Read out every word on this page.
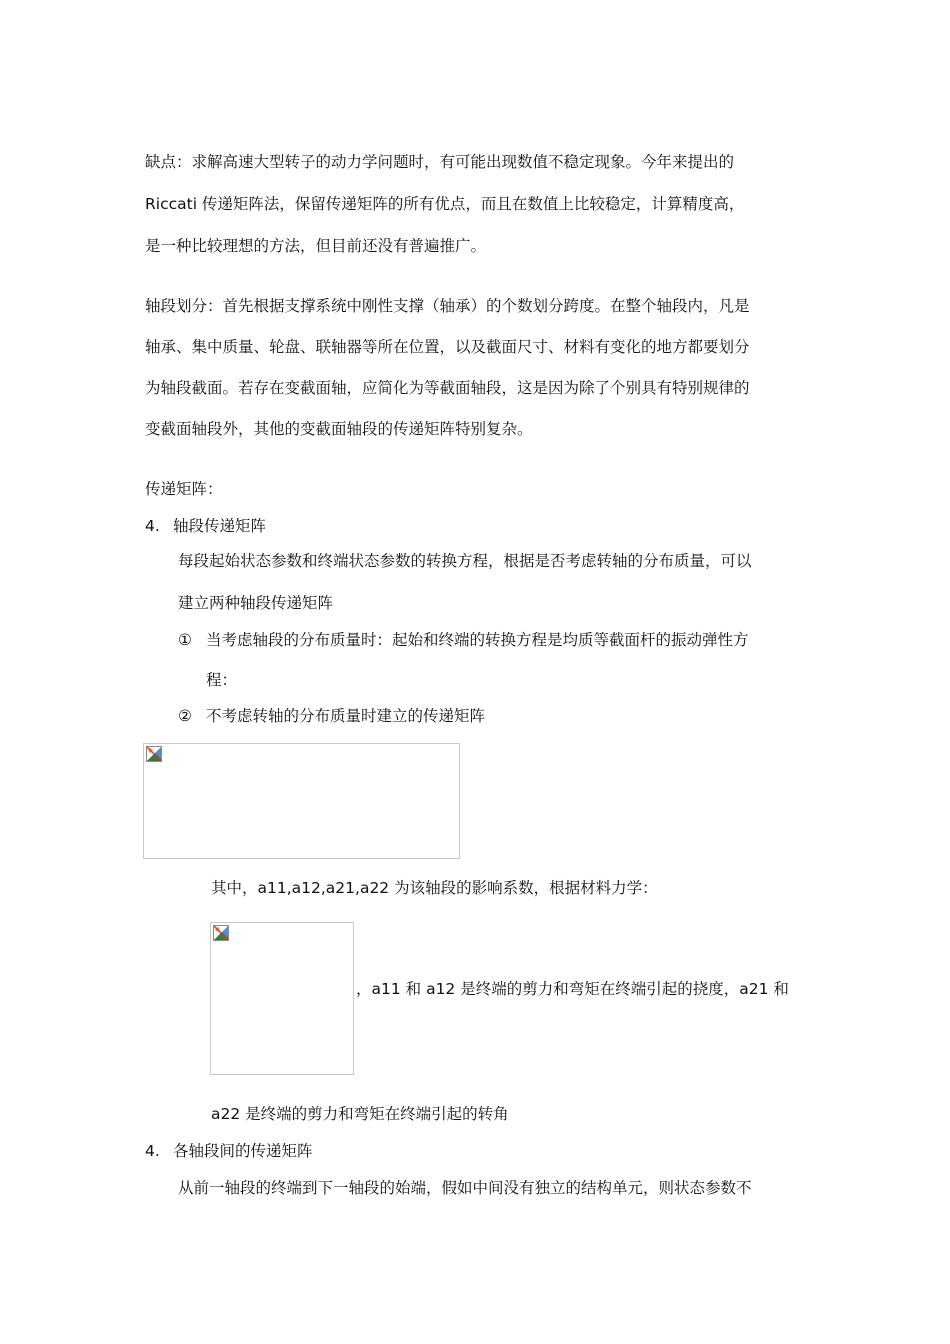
缺点：求解高速大型转子的动力学问题时，有可能出现数值不稳定现象。今年来提出的
Riccati 传递矩阵法，保留传递矩阵的所有优点，而且在数值上比较稳定，计算精度高，
是一种比较理想的方法，但目前还没有普遍推广。
轴段划分：首先根据支撑系统中刚性支撑（轴承）的个数划分跨度。在整个轴段内，凡是
轴承、集中质量、轮盘、联轴器等所在位置，以及截面尺寸、材料有变化的地方都要划分
为轴段截面。若存在变截面轴，应简化为等截面轴段，这是因为除了个别具有特别规律的
变截面轴段外，其他的变截面轴段的传递矩阵特别复杂。
传递矩阵：
4. 轴段传递矩阵
每段起始状态参数和终端状态参数的转换方程，根据是否考虑转轴的分布质量，可以
建立两种轴段传递矩阵
① 当考虑轴段的分布质量时：起始和终端的转换方程是均质等截面杆的振动弹性方
程：
② 不考虑转轴的分布质量时建立的传递矩阵
其中，a11,a12,a21,a22 为该轴段的影响系数，根据材料力学：
，a11 和 a12 是终端的剪力和弯矩在终端引起的挠度，a21 和
a22 是终端的剪力和弯矩在终端引起的转角
4. 各轴段间的传递矩阵
从前一轴段的终端到下一轴段的始端，假如中间没有独立的结构单元，则状态参数不
